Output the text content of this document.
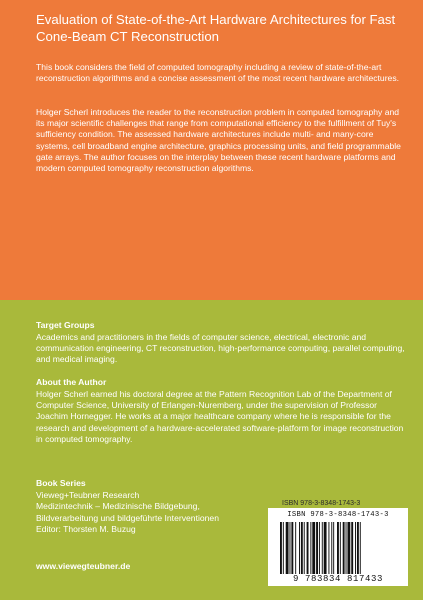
Evaluation of State-of-the-Art Hardware Architectures for Fast Cone-Beam CT Reconstruction

This book considers the field of computed tomography including a review of state-of-the-art reconstruction algorithms and a concise assessment of the most recent hardware architectures.

Holger Scherl introduces the reader to the reconstruction problem in computed tomography and its major scientific challenges that range from computational efficiency to the fulfillment of Tuy's sufficiency condition. The assessed hardware architectures include multi- and many-core systems, cell broadband engine architecture, graphics processing units, and field programmable gate arrays. The author focuses on the interplay between these recent hardware platforms and modern computed tomography reconstruction algorithms.

Target Groups

Academics and practitioners in the fields of computer science, electrical, electronic and communication engineering, CT reconstruction, high-performance computing, parallel computing, and medical imaging.

About the Author

Holger Scherl earned his doctoral degree at the Pattern Recognition Lab of the Department of Computer Science, University of Erlangen-Nuremberg, under the supervision of Professor Joachim Hornegger. He works at a major healthcare company where he is responsible for the research and development of a hardware-accelerated software-platform for image reconstruction in computed tomography.

Book Series

Vieweg+Teubner Research
Medizintechnik – Medizinische Bildgebung,
Bildverarbeitung und bildgeführte Interventionen
Editor: Thorsten M. Buzug

www.viewegteubner.de

ISBN 978-3-8348-1743-3

ISBN 978-3-8348-1743-3
9 783834 817433
